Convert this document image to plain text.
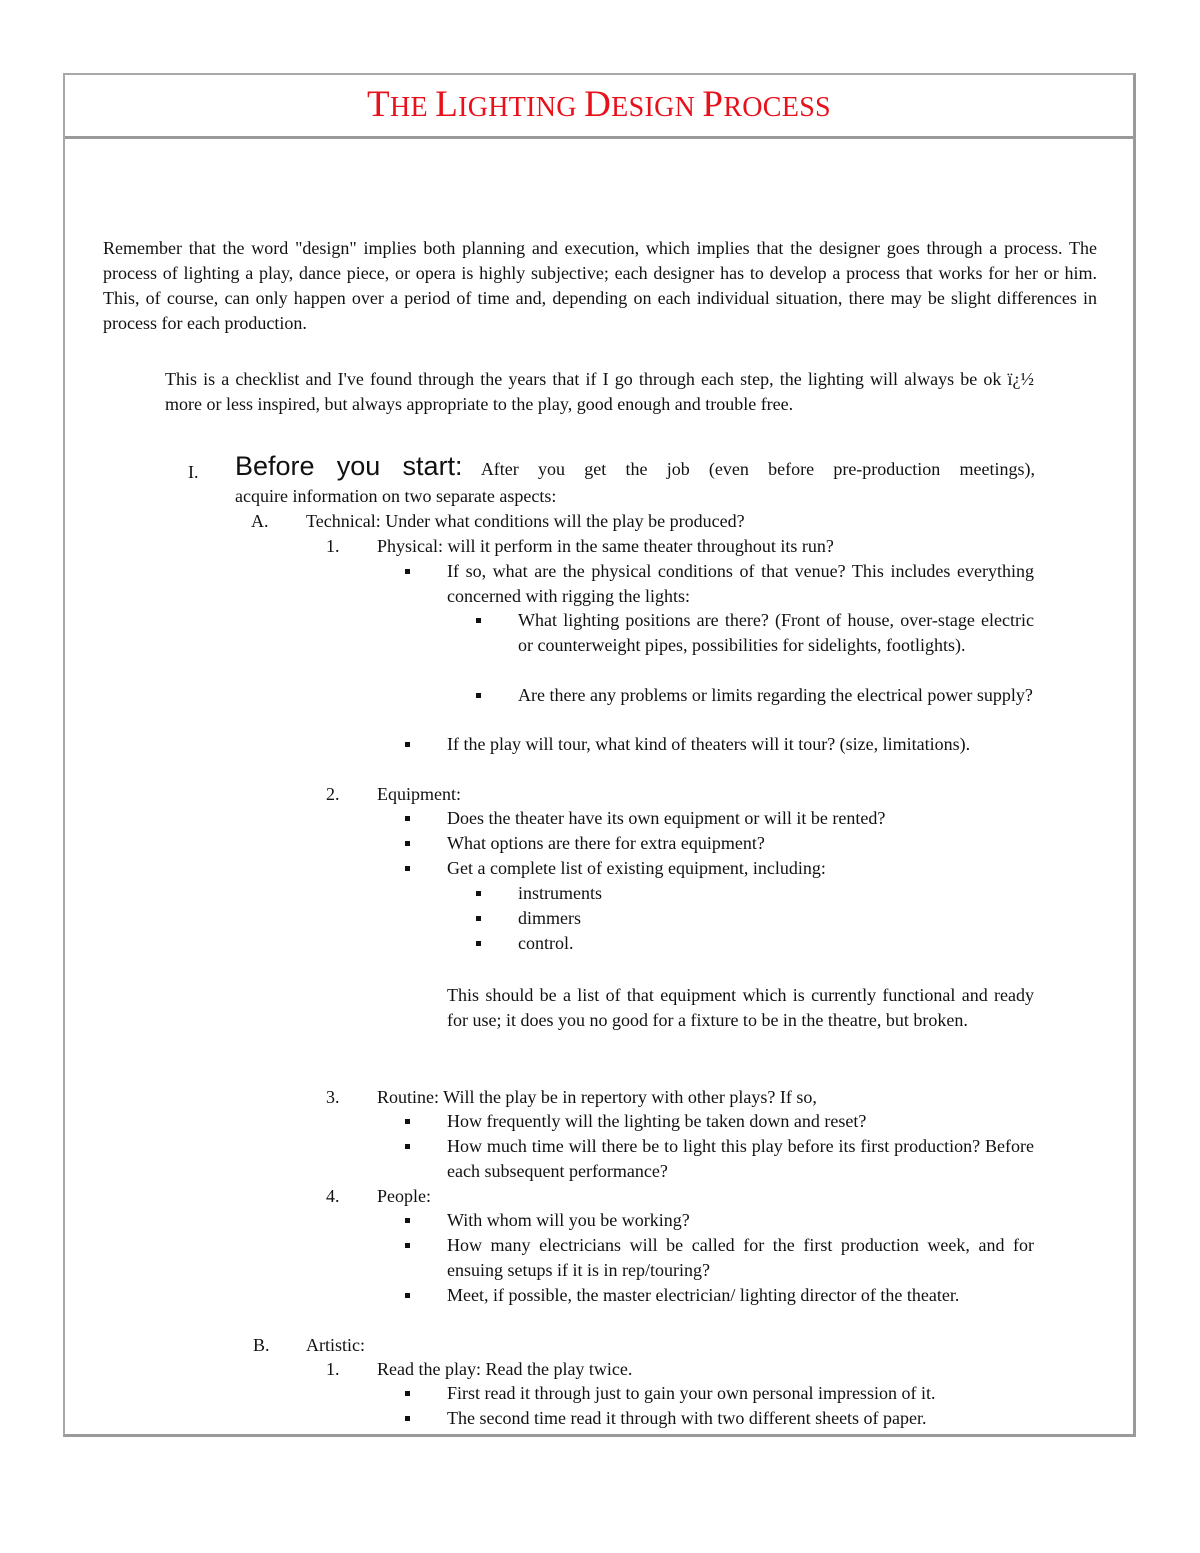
THE LIGHTING DESIGN PROCESS

Remember that the word "design" implies both planning and execution, which implies that the designer goes through a process. The process of lighting a play, dance piece, or opera is highly subjective; each designer has to develop a process that works for her or him. This, of course, can only happen over a period of time and, depending on each individual situation, there may be slight differences in process for each production.

This is a checklist and I've found through the years that if I go through each step, the lighting will always be ok ï¿½ more or less inspired, but always appropriate to the play, good enough and trouble free.

I. Before you start: After you get the job (even before pre-production meetings),

acquire information on two separate aspects:

A. Technical: Under what conditions will the play be produced?

1. Physical: will it perform in the same theater throughout its run?

If so, what are the physical conditions of that venue? This includes everything concerned with rigging the lights:

What lighting positions are there? (Front of house, over-stage electric or counterweight pipes, possibilities for sidelights, footlights).

Are there any problems or limits regarding the electrical power supply?

If the play will tour, what kind of theaters will it tour? (size, limitations).

2. Equipment:

Does the theater have its own equipment or will it be rented?

What options are there for extra equipment?

Get a complete list of existing equipment, including:

instruments

dimmers

control.

This should be a list of that equipment which is currently functional and ready for use; it does you no good for a fixture to be in the theatre, but broken.

3. Routine: Will the play be in repertory with other plays? If so,

How frequently will the lighting be taken down and reset?

How much time will there be to light this play before its first production? Before each subsequent performance?

4. People:

With whom will you be working?

How many electricians will be called for the first production week, and for ensuing setups if it is in rep/touring?

Meet, if possible, the master electrician/ lighting director of the theater.

B. Artistic:

1. Read the play: Read the play twice.

First read it through just to gain your own personal impression of it.

The second time read it through with two different sheets of paper.
